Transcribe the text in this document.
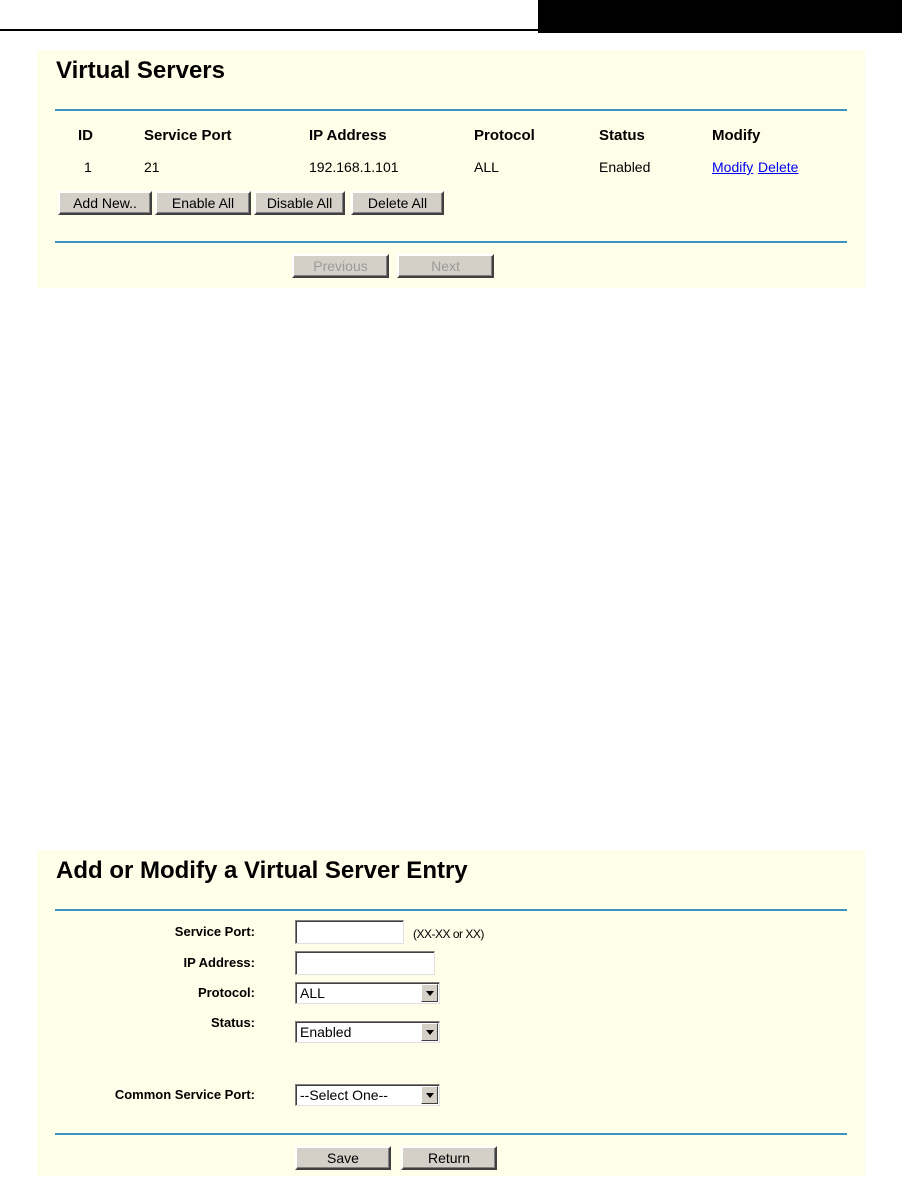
Virtual Servers
ID	Service Port	IP Address	Protocol	Status	Modify
1	21	192.168.1.101	ALL	Enabled	Modify Delete
Add New..	Enable All	Disable All	Delete All
Previous	Next
Add or Modify a Virtual Server Entry
Service Port:	(XX-XX or XX)
IP Address:
Protocol:	ALL
Status:
Enabled
Common Service Port:	--Select One--
Save	Return
